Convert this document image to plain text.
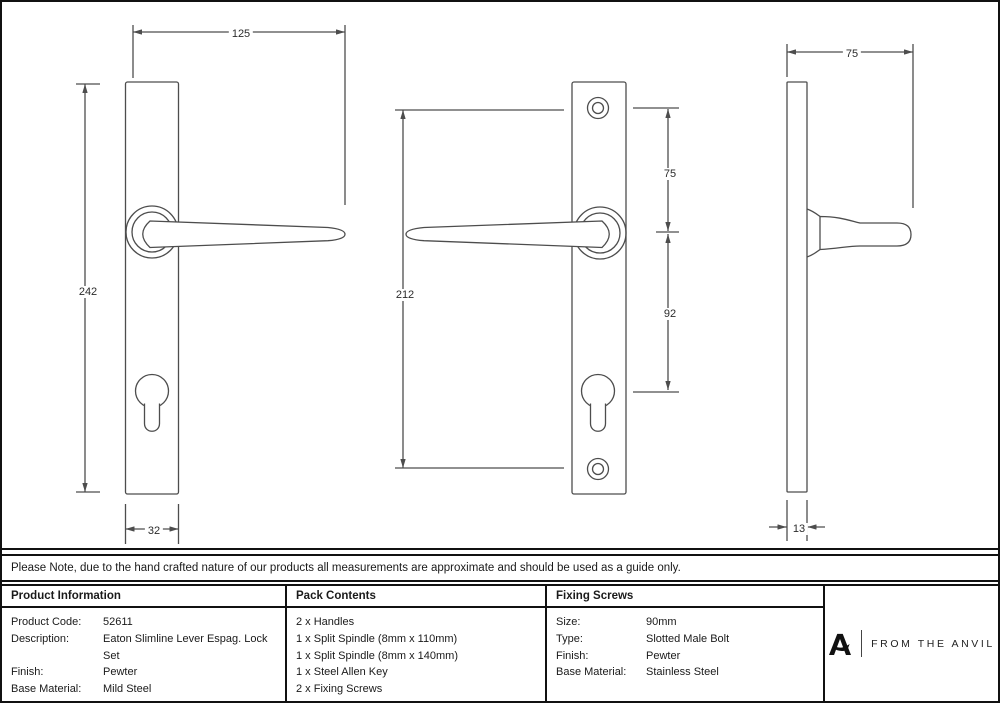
125
242
32
212
75
92
75
13
Please Note, due to the hand crafted nature of our products all measurements are approximate and should be used as a guide only.
Product Information
Product Code:	52611
Description:	Eaton Slimline Lever Espag. Lock Set
Finish:	Pewter
Base Material:	Mild Steel
Pack Contents
2 x Handles
1 x Split Spindle (8mm x 110mm)
1 x Split Spindle (8mm x 140mm)
1 x Steel Allen Key
2 x Fixing Screws
Fixing Screws
Size:	90mm
Type:	Slotted Male Bolt
Finish:	Pewter
Base Material:	Stainless Steel
FROM THE ANVIL
